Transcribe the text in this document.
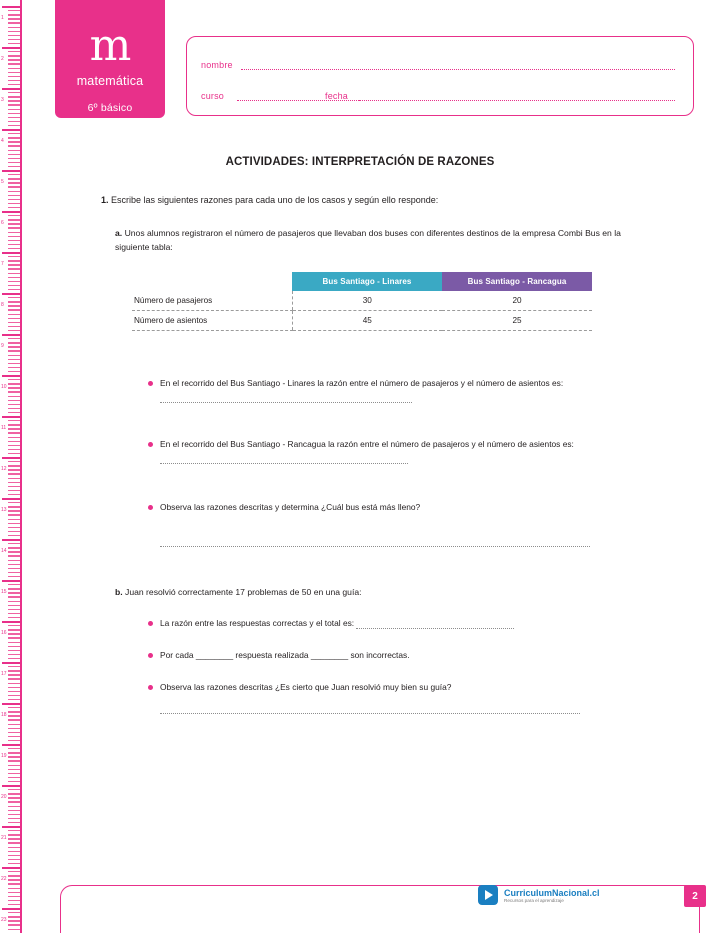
1
2
3
4
5
6
7
8
9
10
11
12
13
14
15
16
17
18
19
20
21
22
23
m
matemática
6º básico
nombre
curso	fecha
ACTIVIDADES: INTERPRETACIÓN DE RAZONES
1. Escribe las siguientes razones para cada uno de los casos y según ello responde:
a. Unos alumnos registraron el número de pasajeros que llevaban dos buses con diferentes destinos de la empresa Combi Bus en la siguiente tabla:
	Bus Santiago - Linares	Bus Santiago - Rancagua
Número de pasajeros	30	20
Número de asientos	45	25
En el recorrido del Bus Santiago - Linares la razón entre el número de pasajeros y el número de asientos es:
En el recorrido del Bus Santiago - Rancagua la razón entre el número de pasajeros y el número de asientos es:
Observa las razones descritas y determina ¿Cuál bus está más lleno?
b. Juan resolvió correctamente 17 problemas de 50 en una guía:
La razón entre las respuestas correctas y el total es:
Por cada ________ respuesta realizada ________ son incorrectas.
Observa las razones descritas ¿Es cierto que Juan resolvió muy bien su guía?
CurriculumNacional.cl
Recursos para el aprendizaje	2
